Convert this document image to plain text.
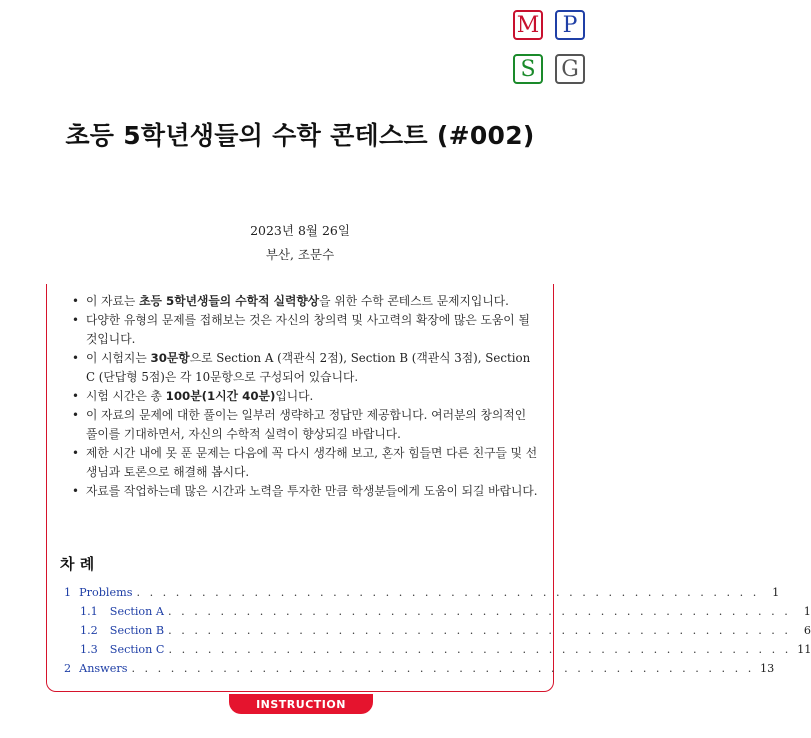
M	P
S	G
초등 5학년생들의 수학 콘테스트 (#002)
2023년 8월 26일
부산, 조문수
• 이 자료는 초등 5학년생들의 수학적 실력향상을 위한 수학 콘테스트 문제지입니다.
• 다양한 유형의 문제를 접해보는 것은 자신의 창의력 및 사고력의 확장에 많은 도움이 될 것입니다.
• 이 시험지는 30문항으로 Section A (객관식 2점), Section B (객관식 3점), Section C (단답형 5점)은 각 10문항으로 구성되어 있습니다.
• 시험 시간은 총 100분(1시간 40분)입니다.
• 이 자료의 문제에 대한 풀이는 일부러 생략하고 정답만 제공합니다. 여러분의 창의적인 풀이를 기대하면서, 자신의 수학적 실력이 향상되길 바랍니다.
• 제한 시간 내에 못 푼 문제는 다음에 꼭 다시 생각해 보고, 혼자 힘들면 다른 친구들 및 선생님과 토론으로 해결해 봅시다.
• 자료를 작업하는데 많은 시간과 노력을 투자한 만큼 학생분들에게 도움이 되길 바랍니다.
차 례
1 Problems . . . . . . . . . . . . . . . . . . . . . . . . . . . . . . . . . . . . . . . . . . . . . . . .	1
1.1 Section A . . . . . . . . . . . . . . . . . . . . . . . . . . . . . . . . . . . . . . . . . . . . . . . .	1
1.2 Section B . . . . . . . . . . . . . . . . . . . . . . . . . . . . . . . . . . . . . . . . . . . . . . . .	6
1.3 Section C . . . . . . . . . . . . . . . . . . . . . . . . . . . . . . . . . . . . . . . . . . . . . . . . 11
2 Answers . . . . . . . . . . . . . . . . . . . . . . . . . . . . . . . . . . . . . . . . . . . . . . . . 13
INSTRUCTION
